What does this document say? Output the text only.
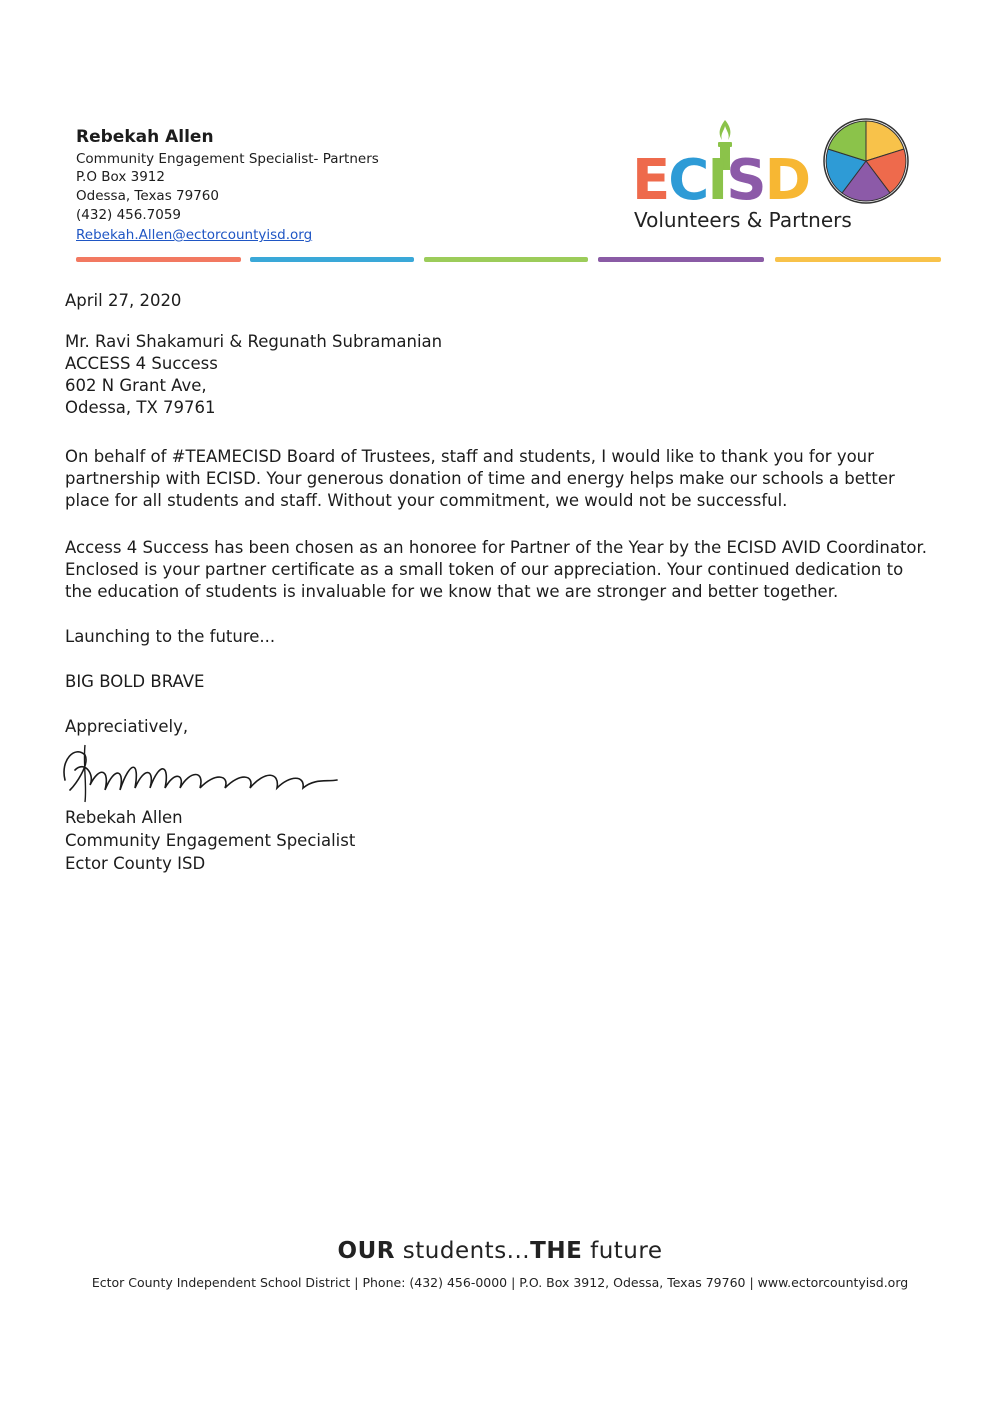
Rebekah Allen
Community Engagement Specialist- Partners
P.O Box 3912
Odessa, Texas 79760
(432) 456.7059
Rebekah.Allen@ectorcountyisd.org
ECISD
Volunteers & Partners
April 27, 2020
Mr. Ravi Shakamuri & Regunath Subramanian
ACCESS 4 Success
602 N Grant Ave,
Odessa, TX 79761
On behalf of #TEAMECISD Board of Trustees, staff and students, I would like to thank you for your partnership with ECISD. Your generous donation of time and energy helps make our schools a better place for all students and staff. Without your commitment, we would not be successful.
Access 4 Success has been chosen as an honoree for Partner of the Year by the ECISD AVID Coordinator. Enclosed is your partner certificate as a small token of our appreciation. Your continued dedication to the education of students is invaluable for we know that we are stronger and better together.
Launching to the future...
BIG BOLD BRAVE
Appreciatively,
Rebekah Allen
Community Engagement Specialist
Ector County ISD
OUR students...THE future
Ector County Independent School District | Phone: (432) 456-0000 | P.O. Box 3912, Odessa, Texas 79760 | www.ectorcountyisd.org
